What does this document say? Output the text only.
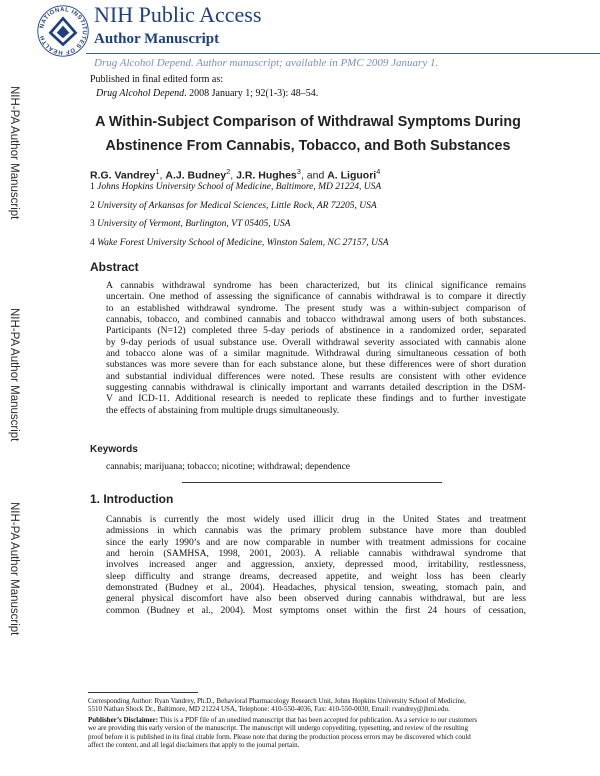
NATIONAL INSTITUTES OF HEALTH
NIH Public Access
Author Manuscript
Drug Alcohol Depend. Author manuscript; available in PMC 2009 January 1.
Published in final edited form as:
Drug Alcohol Depend. 2008 January 1; 92(1-3): 48–54.
NIH-PA Author Manuscript
NIH-PA Author Manuscript
NIH-PA Author Manuscript
A Within-Subject Comparison of Withdrawal Symptoms During
Abstinence From Cannabis, Tobacco, and Both Substances
R.G. Vandrey$^1$, A.J. Budney$^2$, J.R. Hughes$^3$, and A. Liguori$^4$
1 Johns Hopkins University School of Medicine, Baltimore, MD 21224, USA
2 University of Arkansas for Medical Sciences, Little Rock, AR 72205, USA
3 University of Vermont, Burlington, VT 05405, USA
4 Wake Forest University School of Medicine, Winston Salem, NC 27157, USA
Abstract
A cannabis withdrawal syndrome has been characterized, but its clinical significance remains
uncertain. One method of assessing the significance of cannabis withdrawal is to compare it directly
to an established withdrawal syndrome. The present study was a within-subject comparison of
cannabis, tobacco, and combined cannabis and tobacco withdrawal among users of both substances.
Participants (N=12) completed three 5-day periods of abstinence in a randomized order, separated
by 9-day periods of usual substance use. Overall withdrawal severity associated with cannabis alone
and tobacco alone was of a similar magnitude. Withdrawal during simultaneous cessation of both
substances was more severe than for each substance alone, but these differences were of short duration
and substantial individual differences were noted. These results are consistent with other evidence
suggesting cannabis withdrawal is clinically important and warrants detailed description in the DSM-
V and ICD-11. Additional research is needed to replicate these findings and to further investigate
the effects of abstaining from multiple drugs simultaneously.
Keywords
cannabis; marijuana; tobacco; nicotine; withdrawal; dependence
1. Introduction
Cannabis is currently the most widely used illicit drug in the United States and treatment
admissions in which cannabis was the primary problem substance have more than doubled
since the early 1990’s and are now comparable in number with treatment admissions for cocaine
and heroin (SAMHSA, 1998, 2001, 2003). A reliable cannabis withdrawal syndrome that
involves increased anger and aggression, anxiety, depressed mood, irritability, restlessness,
sleep difficulty and strange dreams, decreased appetite, and weight loss has been clearly
demonstrated (Budney et al., 2004). Headaches, physical tension, sweating, stomach pain, and
general physical discomfort have also been observed during cannabis withdrawal, but are less
common (Budney et al., 2004). Most symptoms onset within the first 24 hours of cessation,
Corresponding Author: Ryan Vandrey, Ph.D., Behavioral Pharmacology Research Unit, Johns Hopkins University School of Medicine,
5510 Nathan Shock Dr., Baltimore, MD 21224 USA, Telephone: 410-550-4036, Fax: 410-550-0030, Email: rvandrey@jhmi.edu.
Publisher’s Disclaimer: This is a PDF file of an unedited manuscript that has been accepted for publication. As a service to our customers
we are providing this early version of the manuscript. The manuscript will undergo copyediting, typesetting, and review of the resulting
proof before it is published in its final citable form. Please note that during the production process errors may be discovered which could
affect the content, and all legal disclaimers that apply to the journal pertain.
